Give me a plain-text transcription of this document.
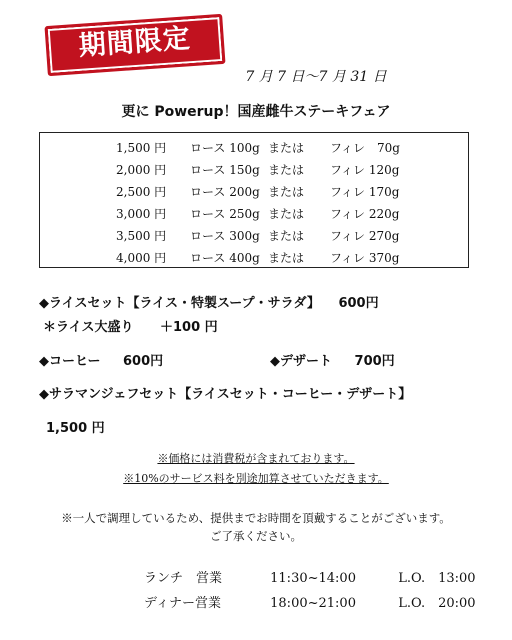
期間限定
7 月 7 日〜7 月 31 日
更に Powerup！国産雌牛ステーキフェア
1,500 円 ロース 100g または フィレ　70g
2,000 円 ロース 150g または フィレ 120g
2,500 円 ロース 200g または フィレ 170g
3,000 円 ロース 250g または フィレ 220g
3,500 円 ロース 300g または フィレ 270g
4,000 円 ロース 400g または フィレ 370g
◆ライスセット【ライス・特製スープ・サラダ】 600円
＊ライス大盛り ＋100 円
◆コーヒー 600円	◆デザート 700円
◆サラマンジェフセット【ライスセット・コーヒー・デザート】
1,500 円
※価格には消費税が含まれております。
※10%のサービス料を別途加算させていただきます。
※一人で調理しているため、提供までお時間を頂戴することがございます。
ご了承ください。
ランチ　営業	11:30~14:00	L.O.　13:00
ディナー営業	18:00~21:00	L.O.　20:00
